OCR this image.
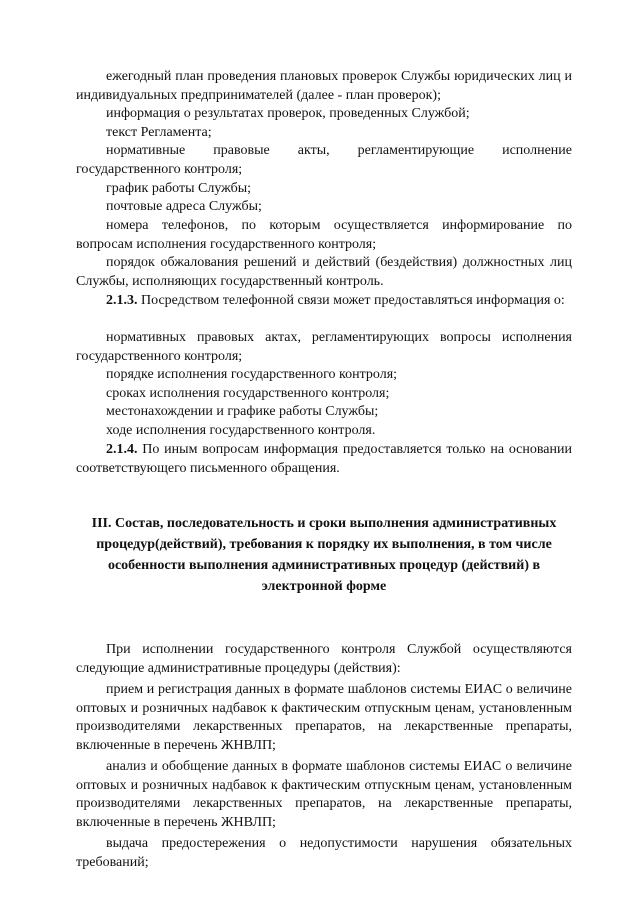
ежегодный план проведения плановых проверок Службы юридических лиц и индивидуальных предпринимателей (далее - план проверок);

информация о результатах проверок, проведенных Службой;

текст Регламента;

нормативные правовые акты, регламентирующие исполнение государственного контроля;

график работы Службы;

почтовые адреса Службы;

номера телефонов, по которым осуществляется информирование по вопросам исполнения государственного контроля;

порядок обжалования решений и действий (бездействия) должностных лиц Службы, исполняющих государственный контроль.

2.1.3. Посредством телефонной связи может предоставляться информация о:

нормативных правовых актах, регламентирующих вопросы исполнения государственного контроля;

порядке исполнения государственного контроля;

сроках исполнения государственного контроля;

местонахождении и графике работы Службы;

ходе исполнения государственного контроля.

2.1.4. По иным вопросам информация предоставляется только на основании соответствующего письменного обращения.

III. Состав, последовательность и сроки выполнения административных процедур(действий), требования к порядку их выполнения, в том числе особенности выполнения административных процедур (действий) в электронной форме

При исполнении государственного контроля Службой осуществляются следующие административные процедуры (действия):

прием и регистрация данных в формате шаблонов системы ЕИАС о величине оптовых и розничных надбавок к фактическим отпускным ценам, установленным производителями лекарственных препаратов, на лекарственные препараты, включенные в перечень ЖНВЛП;

анализ и обобщение данных в формате шаблонов системы ЕИАС о величине оптовых и розничных надбавок к фактическим отпускным ценам, установленным производителями лекарственных препаратов, на лекарственные препараты, включенные в перечень ЖНВЛП;

выдача предостережения о недопустимости нарушения обязательных требований;
